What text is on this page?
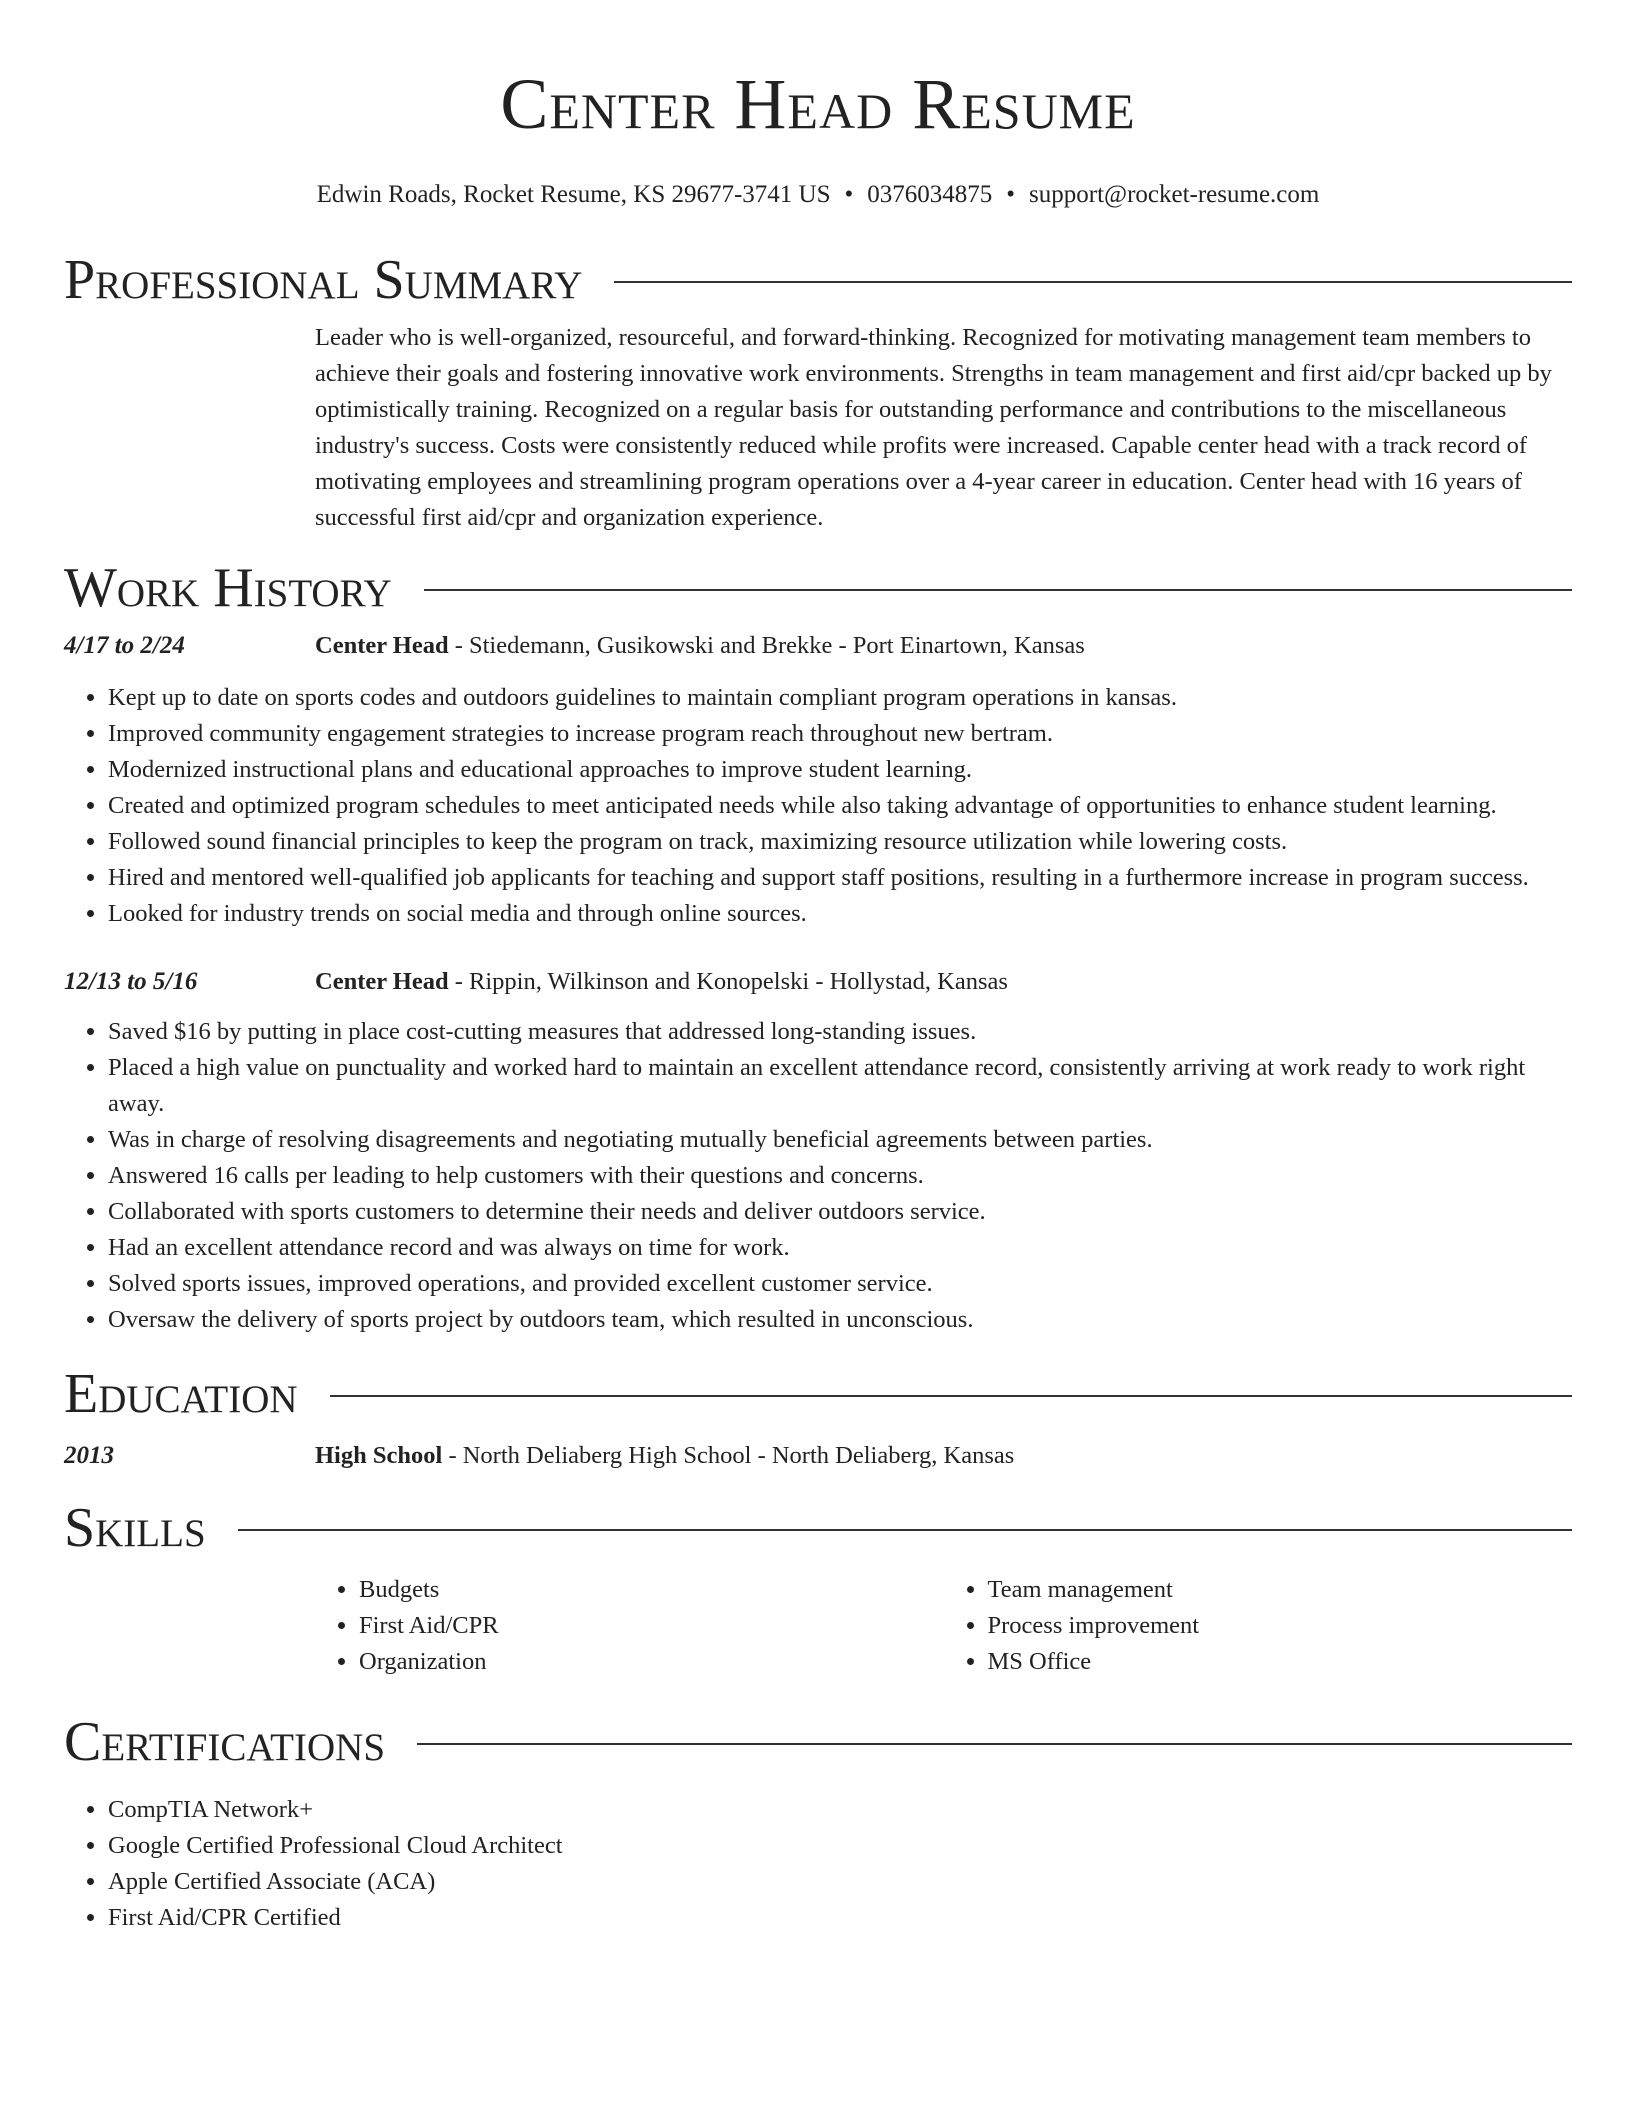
Center Head Resume
Edwin Roads, Rocket Resume, KS 29677-3741 US • 0376034875 • support@rocket-resume.com
Professional Summary
Leader who is well-organized, resourceful, and forward-thinking. Recognized for motivating management team members to achieve their goals and fostering innovative work environments. Strengths in team management and first aid/cpr backed up by optimistically training. Recognized on a regular basis for outstanding performance and contributions to the miscellaneous industry's success. Costs were consistently reduced while profits were increased. Capable center head with a track record of motivating employees and streamlining program operations over a 4-year career in education. Center head with 16 years of successful first aid/cpr and organization experience.
Work History
4/17 to 2/24	Center Head - Stiedemann, Gusikowski and Brekke - Port Einartown, Kansas
• Kept up to date on sports codes and outdoors guidelines to maintain compliant program operations in kansas.
• Improved community engagement strategies to increase program reach throughout new bertram.
• Modernized instructional plans and educational approaches to improve student learning.
• Created and optimized program schedules to meet anticipated needs while also taking advantage of opportunities to enhance student learning.
• Followed sound financial principles to keep the program on track, maximizing resource utilization while lowering costs.
• Hired and mentored well-qualified job applicants for teaching and support staff positions, resulting in a furthermore increase in program success.
• Looked for industry trends on social media and through online sources.
12/13 to 5/16	Center Head - Rippin, Wilkinson and Konopelski - Hollystad, Kansas
• Saved $16 by putting in place cost-cutting measures that addressed long-standing issues.
• Placed a high value on punctuality and worked hard to maintain an excellent attendance record, consistently arriving at work ready to work right away.
• Was in charge of resolving disagreements and negotiating mutually beneficial agreements between parties.
• Answered 16 calls per leading to help customers with their questions and concerns.
• Collaborated with sports customers to determine their needs and deliver outdoors service.
• Had an excellent attendance record and was always on time for work.
• Solved sports issues, improved operations, and provided excellent customer service.
• Oversaw the delivery of sports project by outdoors team, which resulted in unconscious.
Education
2013	High School - North Deliaberg High School - North Deliaberg, Kansas
Skills
• Budgets
• First Aid/CPR
• Organization
• Team management
• Process improvement
• MS Office
Certifications
• CompTIA Network+
• Google Certified Professional Cloud Architect
• Apple Certified Associate (ACA)
• First Aid/CPR Certified
